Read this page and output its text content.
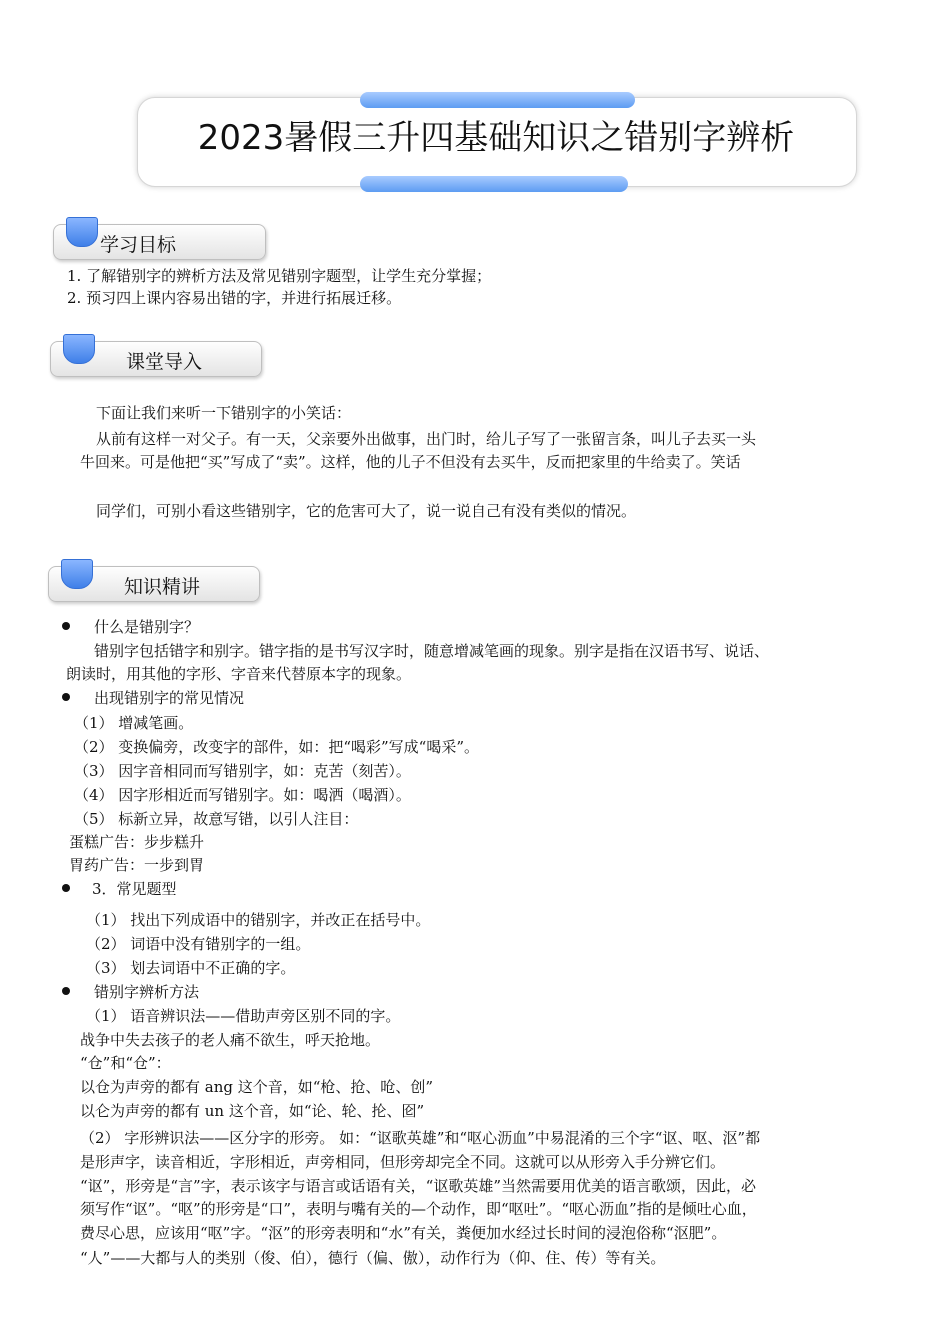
2023暑假三升四基础知识之错别字辨析
学习目标
1. 了解错别字的辨析方法及常见错别字题型，让学生充分掌握；
2. 预习四上课内容易出错的字，并进行拓展迁移。
课堂导入
下面让我们来听一下错别字的小笑话：
从前有这样一对父子。有一天，父亲要外出做事，出门时，给儿子写了一张留言条，叫儿子去买一头
牛回来。可是他把“买”写成了“卖”。这样，他的儿子不但没有去买牛，反而把家里的牛给卖了。笑话
同学们，可别小看这些错别字，它的危害可大了，说一说自己有没有类似的情况。
知识精讲
什么是错别字？
错别字包括错字和别字。错字指的是书写汉字时，随意增减笔画的现象。别字是指在汉语书写、说话、
朗读时，用其他的字形、字音来代替原本字的现象。
出现错别字的常见情况
（1） 增减笔画。
（2） 变换偏旁，改变字的部件，如：把“喝彩”写成“喝采”。
（3） 因字音相同而写错别字，如：克苦（刻苦）。
（4） 因字形相近而写错别字。如：喝洒（喝酒）。
（5） 标新立异，故意写错，以引人注目：
蛋糕广告：步步糕升
胃药广告：一步到胃
3．常见题型
（1） 找出下列成语中的错别字，并改正在括号中。
（2） 词语中没有错别字的一组。
（3） 划去词语中不正确的字。
错别字辨析方法
（1） 语音辨识法——借助声旁区别不同的字。
战争中失去孩子的老人痛不欲生，呼天抢地。
“仓”和“仓”：
以仓为声旁的都有 ang 这个音，如“枪、抢、呛、创”
以仑为声旁的都有 un 这个音，如“论、轮、抡、囵”
（2） 字形辨识法——区分字的形旁。 如：“讴歌英雄”和“呕心沥血”中易混淆的三个字“讴、呕、沤”都
是形声字，读音相近，字形相近，声旁相同，但形旁却完全不同。这就可以从形旁入手分辨它们。
“讴”，形旁是“言”字，表示该字与语言或话语有关，“讴歌英雄”当然需要用优美的语言歌颂，因此，必
须写作“讴”。“呕”的形旁是“口”，表明与嘴有关的—个动作，即“呕吐”。“呕心沥血”指的是倾吐心血，
费尽心思，应该用“呕”字。“沤”的形旁表明和“水”有关，粪便加水经过长时间的浸泡俗称“沤肥”。
“人”——大都与人的类别（俊、伯），德行（偏、傲），动作行为（仰、住、传）等有关。
